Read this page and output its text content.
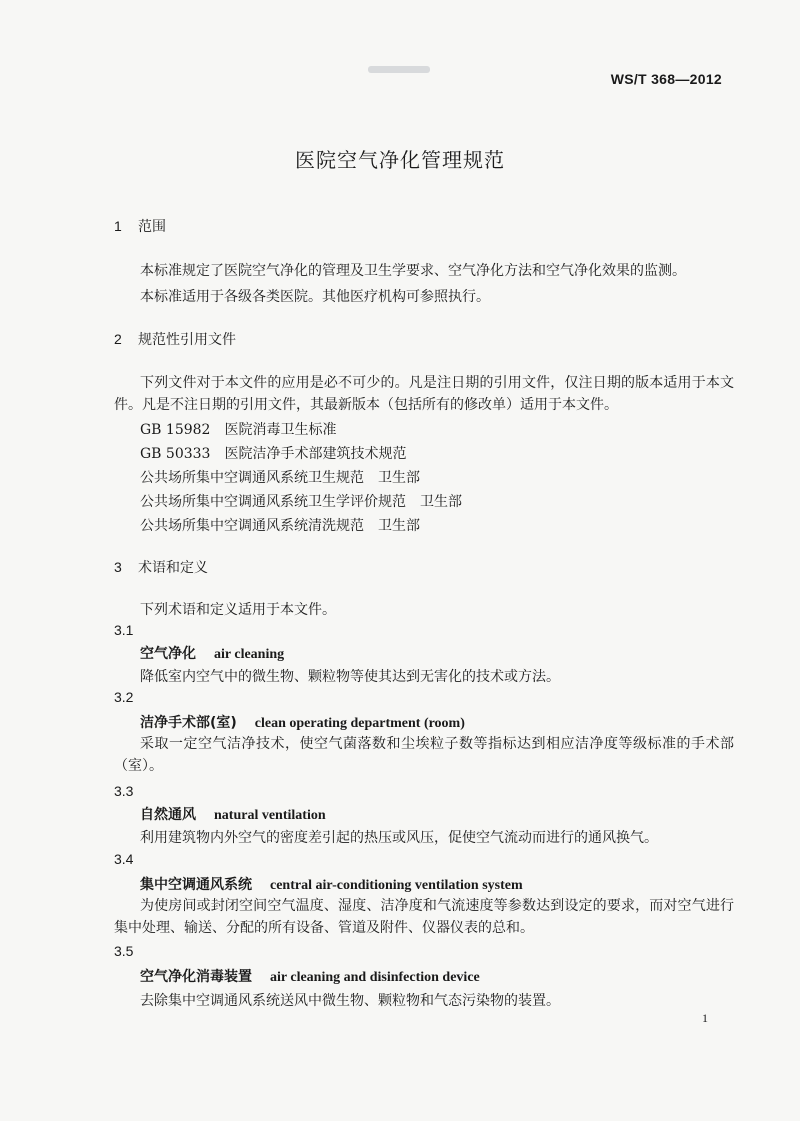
WS/T 368—2012
医院空气净化管理规范
1 范围
本标准规定了医院空气净化的管理及卫生学要求、空气净化方法和空气净化效果的监测。
本标准适用于各级各类医院。其他医疗机构可参照执行。
2 规范性引用文件
下列文件对于本文件的应用是必不可少的。凡是注日期的引用文件，仅注日期的版本适用于本文件。凡是不注日期的引用文件，其最新版本（包括所有的修改单）适用于本文件。
GB 15982　医院消毒卫生标准
GB 50333　医院洁净手术部建筑技术规范
公共场所集中空调通风系统卫生规范　卫生部
公共场所集中空调通风系统卫生学评价规范　卫生部
公共场所集中空调通风系统清洗规范　卫生部
3 术语和定义
下列术语和定义适用于本文件。
3.1
空气净化 air cleaning
降低室内空气中的微生物、颗粒物等使其达到无害化的技术或方法。
3.2
洁净手术部(室) clean operating department (room)
采取一定空气洁净技术，使空气菌落数和尘埃粒子数等指标达到相应洁净度等级标准的手术部（室）。
3.3
自然通风 natural ventilation
利用建筑物内外空气的密度差引起的热压或风压，促使空气流动而进行的通风换气。
3.4
集中空调通风系统 central air-conditioning ventilation system
为使房间或封闭空间空气温度、湿度、洁净度和气流速度等参数达到设定的要求，而对空气进行集中处理、输送、分配的所有设备、管道及附件、仪器仪表的总和。
3.5
空气净化消毒装置 air cleaning and disinfection device
去除集中空调通风系统送风中微生物、颗粒物和气态污染物的装置。
1
